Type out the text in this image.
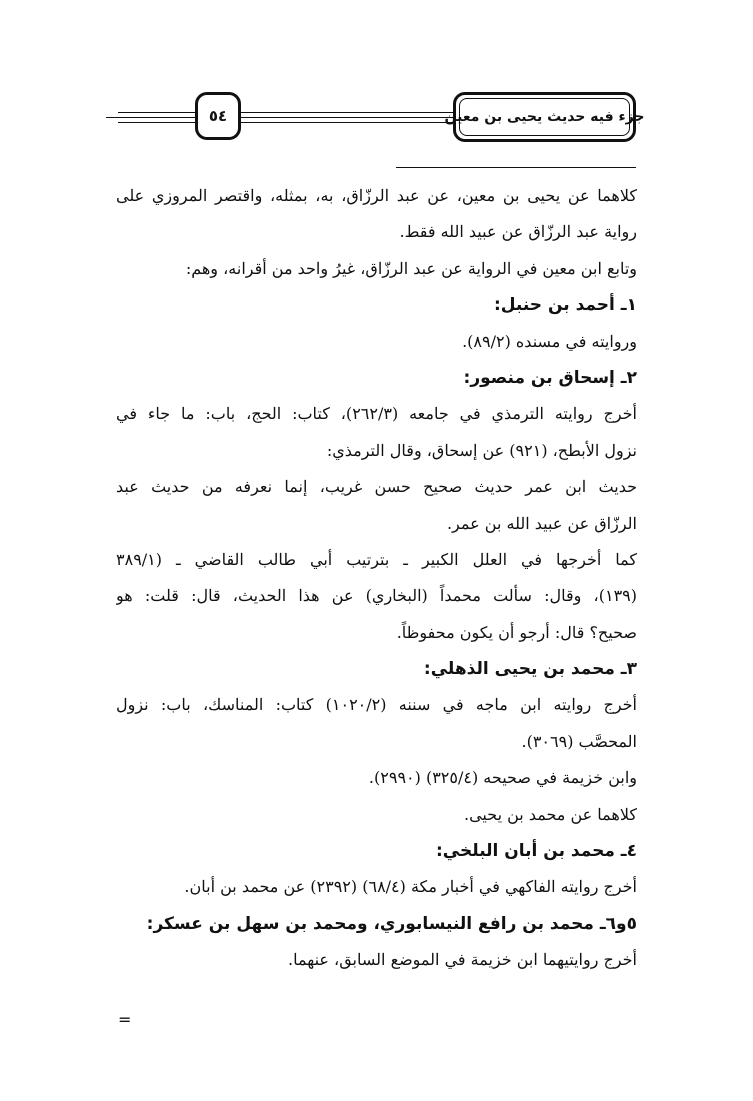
جزء فيه حديث يحيى بن معين
٥٤
كلاهما عن يحيى بن معين، عن عبد الرزّاق، به، بمثله، واقتصر المروزي على
رواية عبد الرزّاق عن عبيد الله فقط.
وتابع ابن معين في الرواية عن عبد الرزّاق، غيرُ واحد من أقرانه، وهم:
١ـ أحمد بن حنبل:
وروايته في مسنده (٨٩/٢).
٢ـ إسحاق بن منصور:
أخرج روايته الترمذي في جامعه (٢٦٢/٣)، كتاب: الحج، باب: ما جاء في
نزول الأبطح، (٩٢١) عن إسحاق، وقال الترمذي:
حديث ابن عمر حديث صحيح حسن غريب، إنما نعرفه من حديث عبد
الرزّاق عن عبيد الله بن عمر.
كما أخرجها في العلل الكبير ـ بترتيب أبي طالب القاضي ـ (٣٨٩/١
(١٣٩)، وقال: سألت محمداً (البخاري) عن هذا الحديث، قال: قلت: هو
صحيح؟ قال: أرجو أن يكون محفوظاً.
٣ـ محمد بن يحيى الذهلي:
أخرج روايته ابن ماجه في سننه (١٠٢٠/٢) كتاب: المناسك، باب: نزول
المحصَّب (٣٠٦٩).
وابن خزيمة في صحيحه (٣٢٥/٤) (٢٩٩٠).
كلاهما عن محمد بن يحيى.
٤ـ محمد بن أبان البلخي:
أخرج روايته الفاكهي في أخبار مكة (٦٨/٤) (٢٣٩٢) عن محمد بن أبان.
٥و٦ـ محمد بن رافع النيسابوري، ومحمد بن سهل بن عسكر:
أخرج روايتيهما ابن خزيمة في الموضع السابق، عنهما.
=
